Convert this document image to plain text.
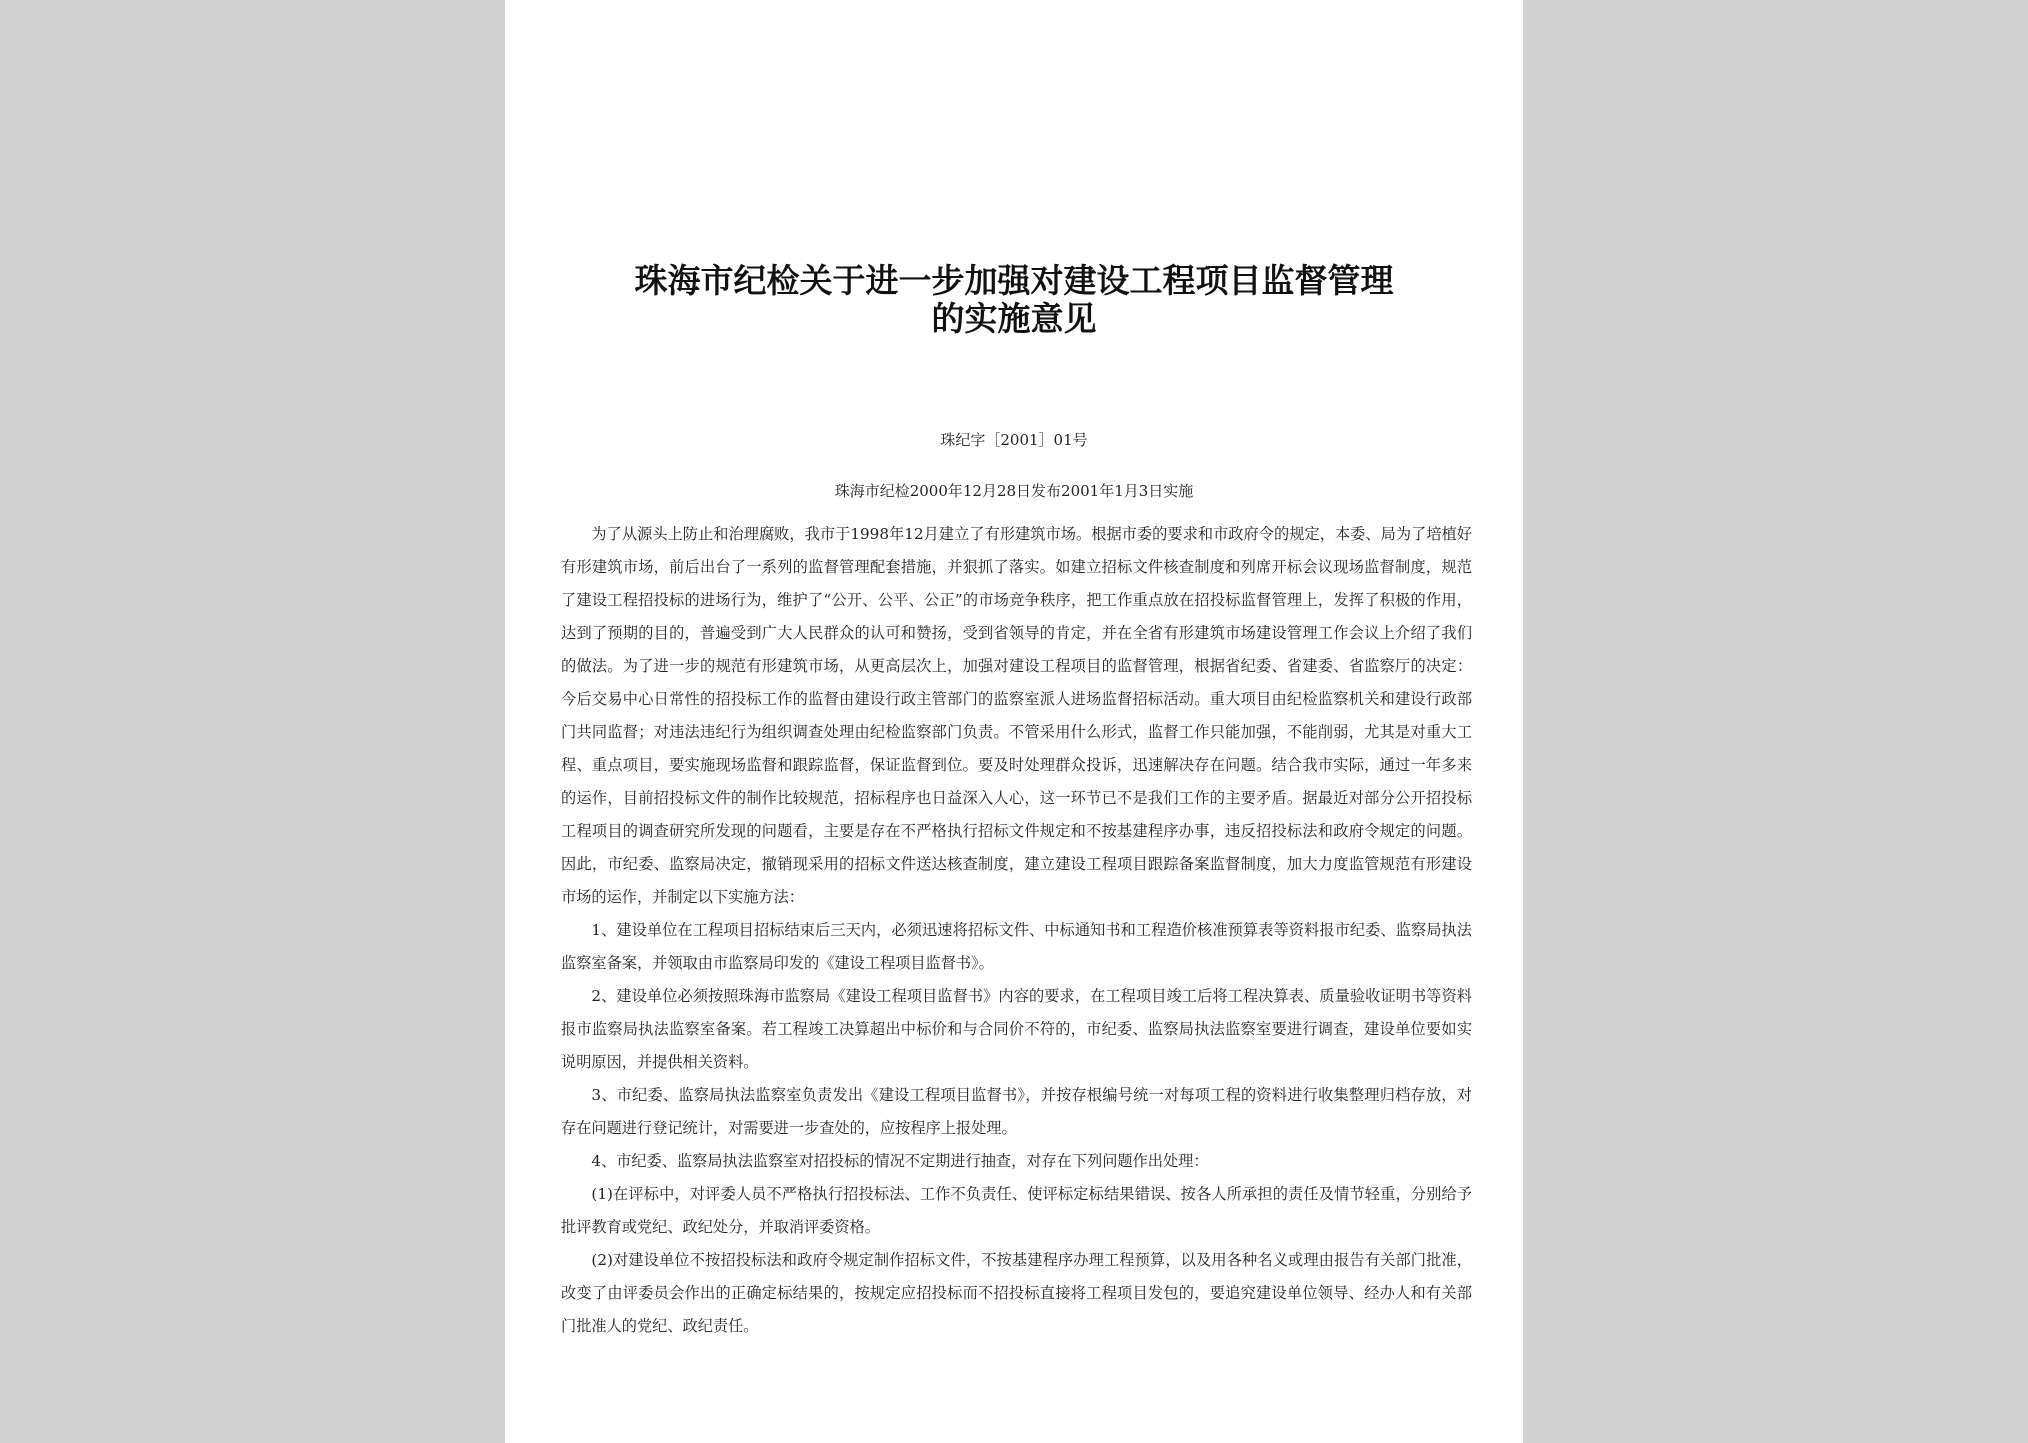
珠海市纪检关于进一步加强对建设工程项目监督管理
的实施意见
珠纪字［2001］01号
珠海市纪检2000年12月28日发布2001年1月3日实施

为了从源头上防止和治理腐败，我市于1998年12月建立了有形建筑市场。根据市委的要求和市政府令的规定，本委、局为了培植好有形建筑市场，前后出台了一系列的监督管理配套措施，并狠抓了落实。如建立招标文件核查制度和列席开标会议现场监督制度，规范了建设工程招投标的进场行为，维护了“公开、公平、公正”的市场竞争秩序，把工作重点放在招投标监督管理上，发挥了积极的作用，达到了预期的目的，普遍受到广大人民群众的认可和赞扬，受到省领导的肯定，并在全省有形建筑市场建设管理工作会议上介绍了我们的做法。为了进一步的规范有形建筑市场，从更高层次上，加强对建设工程项目的监督管理，根据省纪委、省建委、省监察厅的决定：今后交易中心日常性的招投标工作的监督由建设行政主管部门的监察室派人进场监督招标活动。重大项目由纪检监察机关和建设行政部门共同监督；对违法违纪行为组织调查处理由纪检监察部门负责。不管采用什么形式，监督工作只能加强，不能削弱，尤其是对重大工程、重点项目，要实施现场监督和跟踪监督，保证监督到位。要及时处理群众投诉，迅速解决存在问题。结合我市实际，通过一年多来的运作，目前招投标文件的制作比较规范，招标程序也日益深入人心，这一环节已不是我们工作的主要矛盾。据最近对部分公开招投标工程项目的调查研究所发现的问题看，主要是存在不严格执行招标文件规定和不按基建程序办事，违反招投标法和政府令规定的问题。因此，市纪委、监察局决定，撤销现采用的招标文件送达核查制度，建立建设工程项目跟踪备案监督制度，加大力度监管规范有形建设市场的运作，并制定以下实施方法：

1、建设单位在工程项目招标结束后三天内，必须迅速将招标文件、中标通知书和工程造价核准预算表等资料报市纪委、监察局执法监察室备案，并领取由市监察局印发的《建设工程项目监督书》。

2、建设单位必须按照珠海市监察局《建设工程项目监督书》内容的要求，在工程项目竣工后将工程决算表、质量验收证明书等资料报市监察局执法监察室备案。若工程竣工决算超出中标价和与合同价不符的，市纪委、监察局执法监察室要进行调查，建设单位要如实说明原因，并提供相关资料。

3、市纪委、监察局执法监察室负责发出《建设工程项目监督书》，并按存根编号统一对每项工程的资料进行收集整理归档存放，对存在问题进行登记统计，对需要进一步查处的，应按程序上报处理。

4、市纪委、监察局执法监察室对招投标的情况不定期进行抽查，对存在下列问题作出处理：

(1)在评标中，对评委人员不严格执行招投标法、工作不负责任、使评标定标结果错误、按各人所承担的责任及情节轻重，分别给予批评教育或党纪、政纪处分，并取消评委资格。

(2)对建设单位不按招投标法和政府令规定制作招标文件，不按基建程序办理工程预算，以及用各种名义或理由报告有关部门批准，改变了由评委员会作出的正确定标结果的，按规定应招投标而不招投标直接将工程项目发包的，要追究建设单位领导、经办人和有关部门批准人的党纪、政纪责任。
